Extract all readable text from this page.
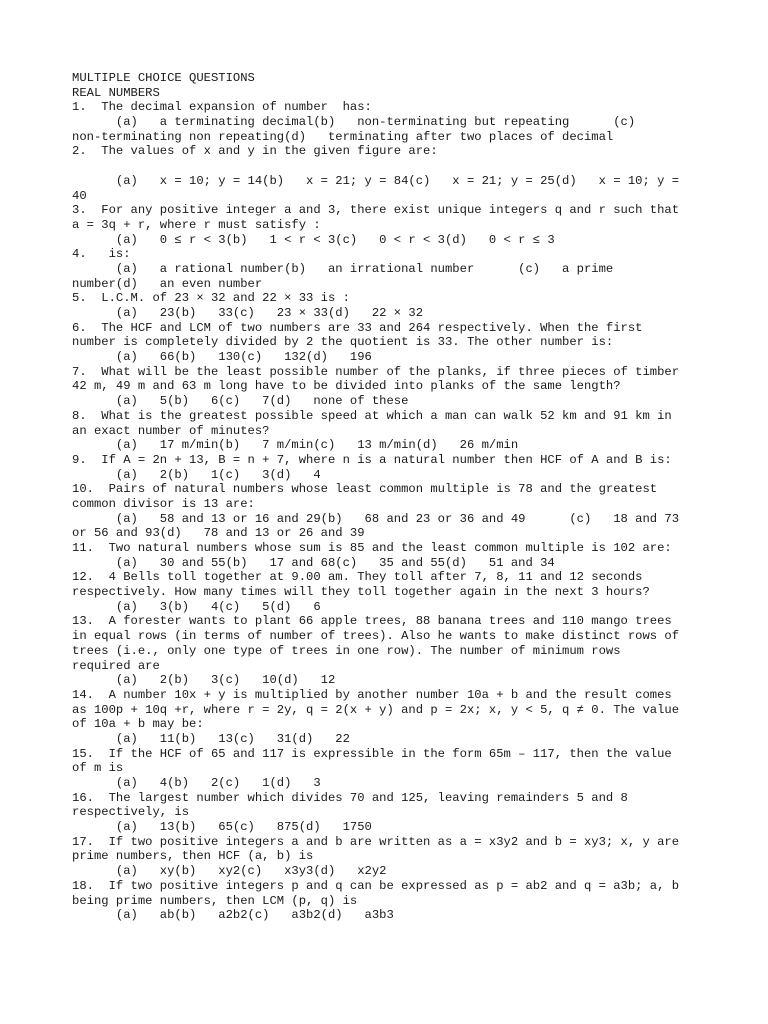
MULTIPLE CHOICE QUESTIONS
REAL NUMBERS
1.  The decimal expansion of number  has:
(a)   a terminating decimal(b)   non-terminating but repeating      (c)
non-terminating non repeating(d)   terminating after two places of decimal
2.  The values of x and y in the given figure are:
(a)   x = 10; y = 14(b)   x = 21; y = 84(c)   x = 21; y = 25(d)   x = 10; y =
40
3.  For any positive integer a and 3, there exist unique integers q and r such that
a = 3q + r, where r must satisfy :
(a)   0 ≤ r < 3(b)   1 < r < 3(c)   0 < r < 3(d)   0 < r ≤ 3
4.   is:
(a)   a rational number(b)   an irrational number      (c)   a prime
number(d)   an even number
5.  L.C.M. of 23 × 32 and 22 × 33 is :
(a)   23(b)   33(c)   23 × 33(d)   22 × 32
6.  The HCF and LCM of two numbers are 33 and 264 respectively. When the first
number is completely divided by 2 the quotient is 33. The other number is:
(a)   66(b)   130(c)   132(d)   196
7.  What will be the least possible number of the planks, if three pieces of timber
42 m, 49 m and 63 m long have to be divided into planks of the same length?
(a)   5(b)   6(c)   7(d)   none of these
8.  What is the greatest possible speed at which a man can walk 52 km and 91 km in
an exact number of minutes?
(a)   17 m/min(b)   7 m/min(c)   13 m/min(d)   26 m/min
9.  If A = 2n + 13, B = n + 7, where n is a natural number then HCF of A and B is:
(a)   2(b)   1(c)   3(d)   4
10.  Pairs of natural numbers whose least common multiple is 78 and the greatest
common divisor is 13 are:
(a)   58 and 13 or 16 and 29(b)   68 and 23 or 36 and 49      (c)   18 and 73
or 56 and 93(d)   78 and 13 or 26 and 39
11.  Two natural numbers whose sum is 85 and the least common multiple is 102 are:
(a)   30 and 55(b)   17 and 68(c)   35 and 55(d)   51 and 34
12.  4 Bells toll together at 9.00 am. They toll after 7, 8, 11 and 12 seconds
respectively. How many times will they toll together again in the next 3 hours?
(a)   3(b)   4(c)   5(d)   6
13.  A forester wants to plant 66 apple trees, 88 banana trees and 110 mango trees
in equal rows (in terms of number of trees). Also he wants to make distinct rows of
trees (i.e., only one type of trees in one row). The number of minimum rows
required are
(a)   2(b)   3(c)   10(d)   12
14.  A number 10x + y is multiplied by another number 10a + b and the result comes
as 100p + 10q +r, where r = 2y, q = 2(x + y) and p = 2x; x, y < 5, q ≠ 0. The value
of 10a + b may be:
(a)   11(b)   13(c)   31(d)   22
15.  If the HCF of 65 and 117 is expressible in the form 65m – 117, then the value
of m is
(a)   4(b)   2(c)   1(d)   3
16.  The largest number which divides 70 and 125, leaving remainders 5 and 8
respectively, is
(a)   13(b)   65(c)   875(d)   1750
17.  If two positive integers a and b are written as a = x3y2 and b = xy3; x, y are
prime numbers, then HCF (a, b) is
(a)   xy(b)   xy2(c)   x3y3(d)   x2y2
18.  If two positive integers p and q can be expressed as p = ab2 and q = a3b; a, b
being prime numbers, then LCM (p, q) is
(a)   ab(b)   a2b2(c)   a3b2(d)   a3b3
